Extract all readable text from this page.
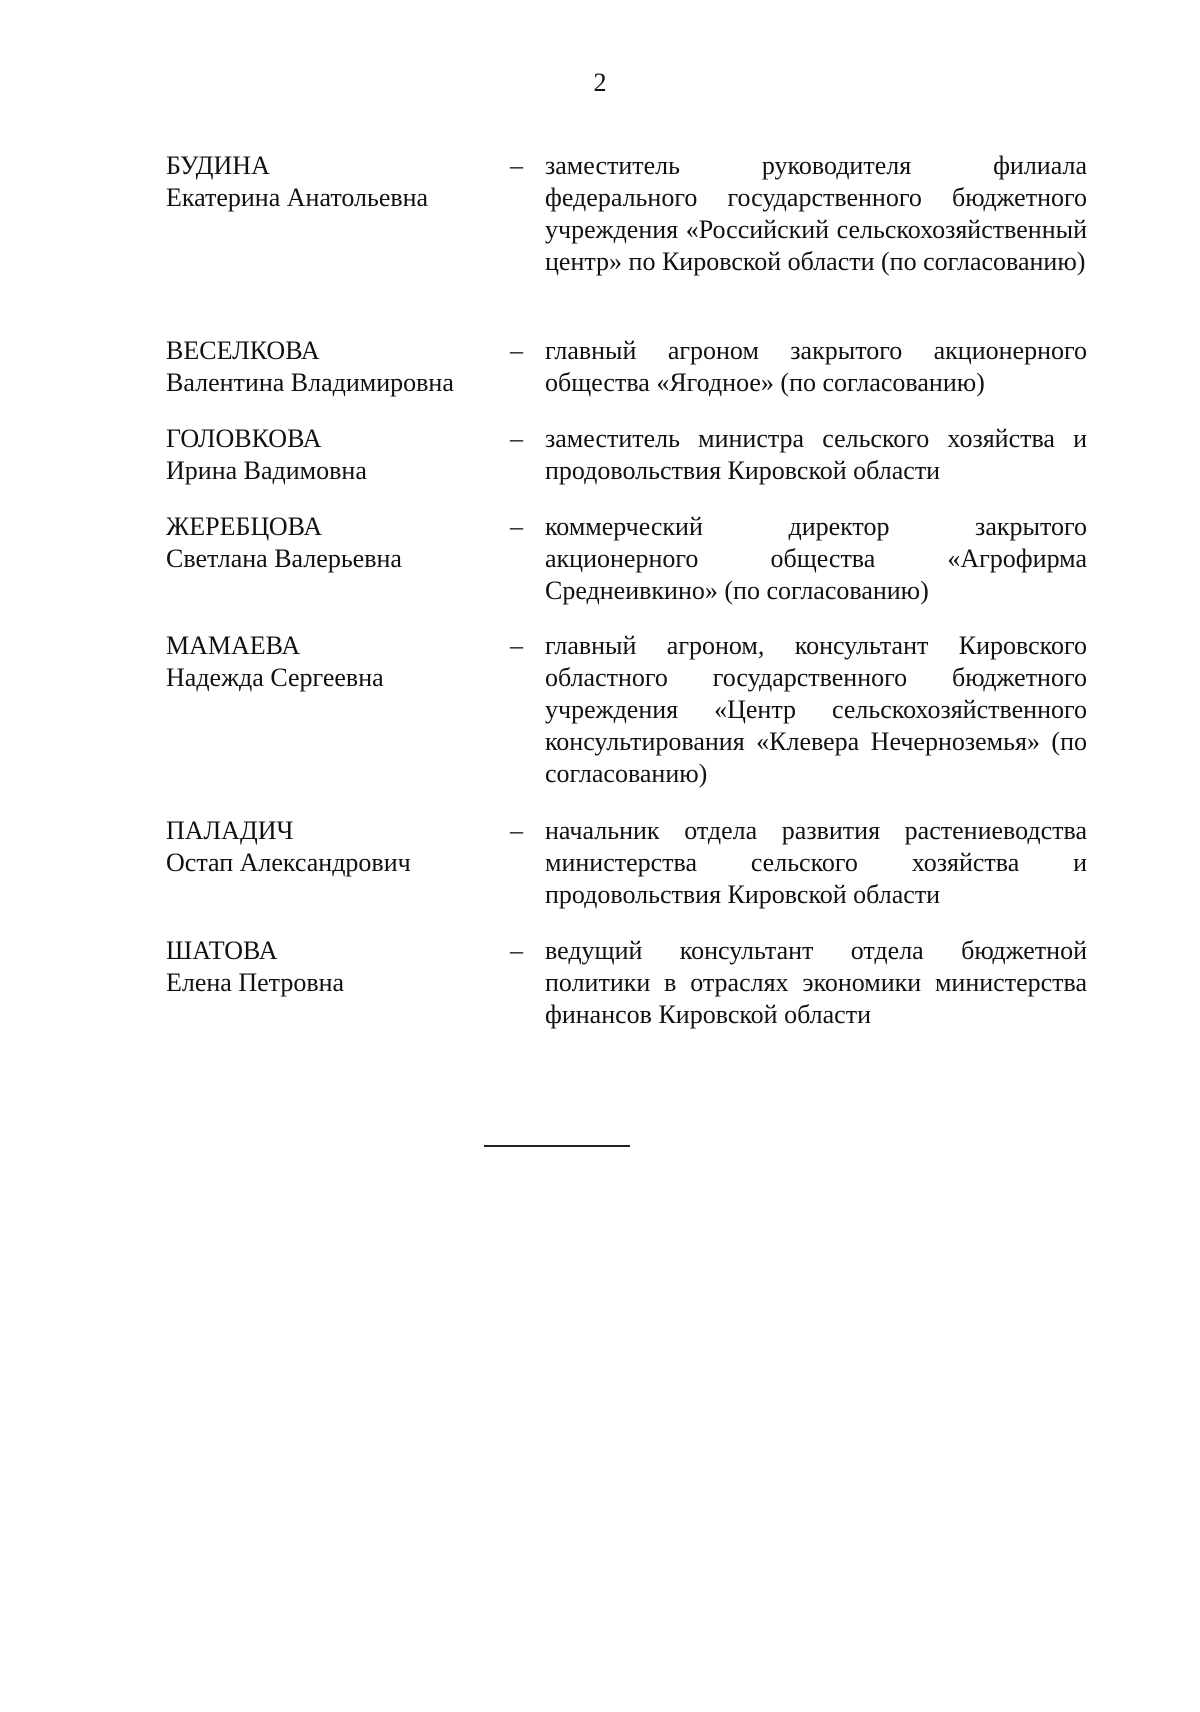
2
БУДИНА
Екатерина Анатольевна
– заместитель руководителя филиала федерального государственного бюджетного учреждения «Российский сельскохозяйственный центр» по Кировской области (по согласованию)
ВЕСЕЛКОВА
Валентина Владимировна
– главный агроном закрытого акционерного общества «Ягодное» (по согласованию)
ГОЛОВКОВА
Ирина Вадимовна
– заместитель министра сельского хозяйства и продовольствия Кировской области
ЖЕРЕБЦОВА
Светлана Валерьевна
– коммерческий директор закрытого акционерного общества «Агрофирма Среднеивкино» (по согласованию)
МАМАЕВА
Надежда Сергеевна
– главный агроном, консультант Кировского областного государственного бюджетного учреждения «Центр сельскохозяйственного консультирования «Клевера Нечерноземья» (по согласованию)
ПАЛАДИЧ
Остап Александрович
– начальник отдела развития растениеводства министерства сельского хозяйства и продовольствия Кировской области
ШАТОВА
Елена Петровна
– ведущий консультант отдела бюджетной политики в отраслях экономики министерства финансов Кировской области
